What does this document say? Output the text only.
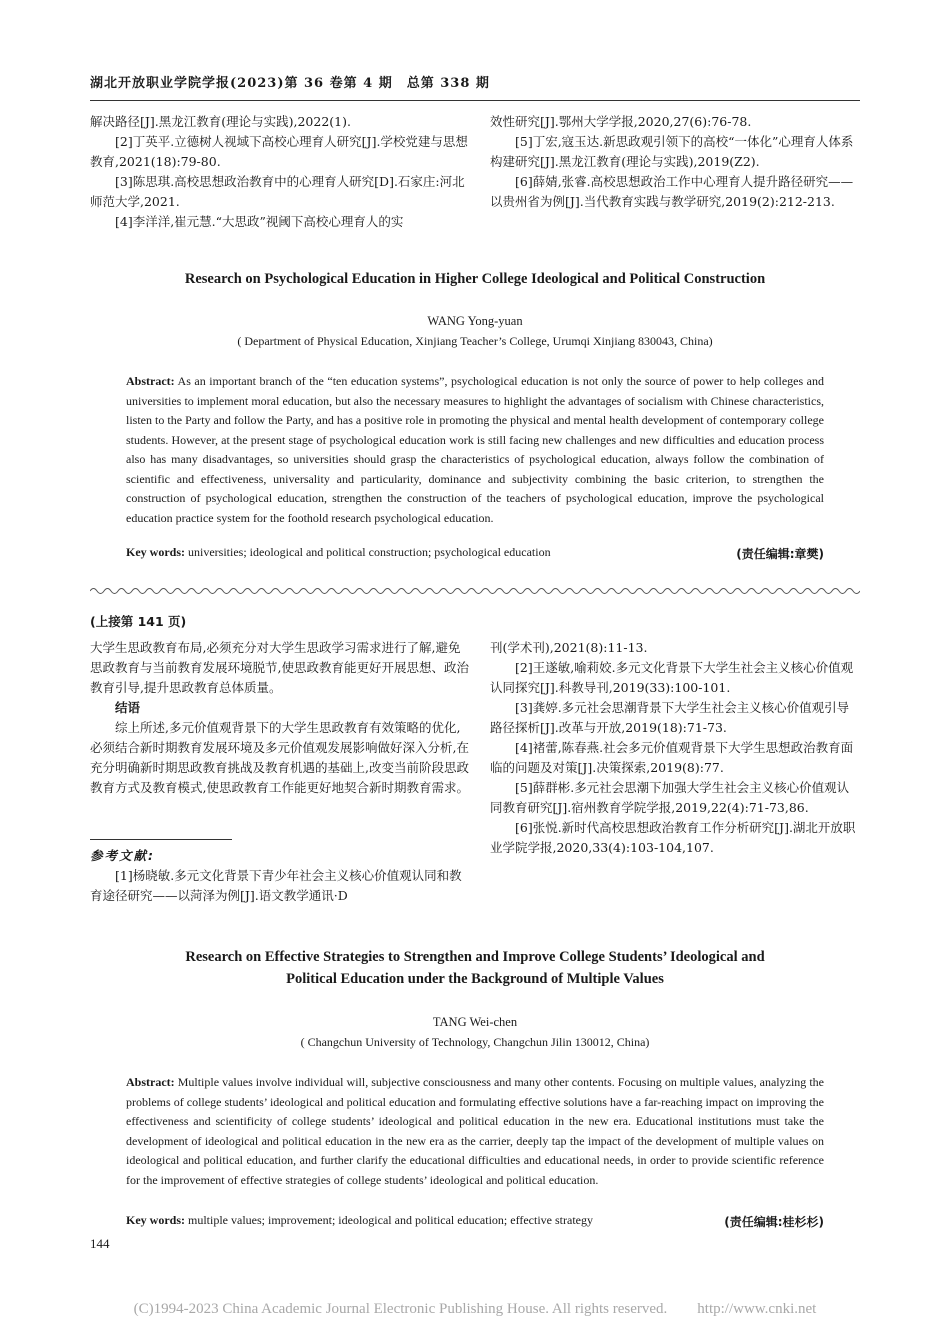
湖北开放职业学院学报(2023)第 36 卷第 4 期　总第 338 期

解决路径[J].黑龙江教育(理论与实践),2022(1).

[2]丁英平.立德树人视域下高校心理育人研究[J].学校党建与思想教育,2021(18):79-80.

[3]陈思琪.高校思想政治教育中的心理育人研究[D].石家庄:河北师范大学,2021.

[4]李洋洋,崔元慧.“大思政”视阈下高校心理育人的实

效性研究[J].鄂州大学学报,2020,27(6):76-78.

[5]丁宏,寇玉达.新思政观引领下的高校“一体化”心理育人体系构建研究[J].黑龙江教育(理论与实践),2019(Z2).

[6]薛婧,张睿.高校思想政治工作中心理育人提升路径研究——以贵州省为例[J].当代教育实践与教学研究,2019(2):212-213.

Research on Psychological Education in Higher College Ideological and Political Construction
WANG Yong-yuan
( Department of Physical Education, Xinjiang Teacher’s College, Urumqi Xinjiang 830043, China)
Abstract: As an important branch of the “ten education systems”, psychological education is not only the source of power to help colleges and universities to implement moral education, but also the necessary measures to highlight the advantages of socialism with Chinese characteristics, listen to the Party and follow the Party, and has a positive role in promoting the physical and mental health development of contemporary college students. However, at the present stage of psychological education work is still facing new challenges and new difficulties and education process also has many disadvantages, so universities should grasp the characteristics of psychological education, always follow the combination of scientific and effectiveness, universality and particularity, dominance and subjectivity combining the basic criterion, to strengthen the construction of psychological education, strengthen the construction of the teachers of psychological education, improve the psychological education practice system for the foothold research psychological education.
Key words: universities; ideological and political construction; psychological education	(责任编辑:章樊)
(上接第 141 页)

大学生思政教育布局,必须充分对大学生思政学习需求进行了解,避免思政教育与当前教育发展环境脱节,使思政教育能更好开展思想、政治教育引导,提升思政教育总体质量。

结语

综上所述,多元价值观背景下的大学生思政教育有效策略的优化,必须结合新时期教育发展环境及多元价值观发展影响做好深入分析,在充分明确新时期思政教育挑战及教育机遇的基础上,改变当前阶段思政教育方式及教育模式,使思政教育工作能更好地契合新时期教育需求。

参考文献:

[1]杨晓敏.多元文化背景下青少年社会主义核心价值观认同和教育途径研究——以菏泽为例[J].语文教学通讯·D

刊(学术刊),2021(8):11-13.

[2]王遂敏,喻莉姣.多元文化背景下大学生社会主义核心价值观认同探究[J].科教导刊,2019(33):100-101.

[3]龚婷.多元社会思潮背景下大学生社会主义核心价值观引导路径探析[J].改革与开放,2019(18):71-73.

[4]褚蕾,陈春燕.社会多元价值观背景下大学生思想政治教育面临的问题及对策[J].决策探索,2019(8):77.

[5]薛群彬.多元社会思潮下加强大学生社会主义核心价值观认同教育研究[J].宿州教育学院学报,2019,22(4):71-73,86.

[6]张悦.新时代高校思想政治教育工作分析研究[J].湖北开放职业学院学报,2020,33(4):103-104,107.

Research on Effective Strategies to Strengthen and Improve College Students’ Ideological and
Political Education under the Background of Multiple Values
TANG Wei-chen
( Changchun University of Technology, Changchun Jilin 130012, China)
Abstract: Multiple values involve individual will, subjective consciousness and many other contents. Focusing on multiple values, analyzing the problems of college students’ ideological and political education and formulating effective solutions have a far-reaching impact on improving the effectiveness and scientificity of college students’ ideological and political education in the new era. Educational institutions must take the development of ideological and political education in the new era as the carrier, deeply tap the impact of the development of multiple values on ideological and political education, and further clarify the educational difficulties and educational needs, in order to provide scientific reference for the improvement of effective strategies of college students’ ideological and political education.
Key words: multiple values; improvement; ideological and political education; effective strategy	(责任编辑:桂杉杉)
144
(C)1994-2023 China Academic Journal Electronic Publishing House. All rights reserved.　　http://www.cnki.net
